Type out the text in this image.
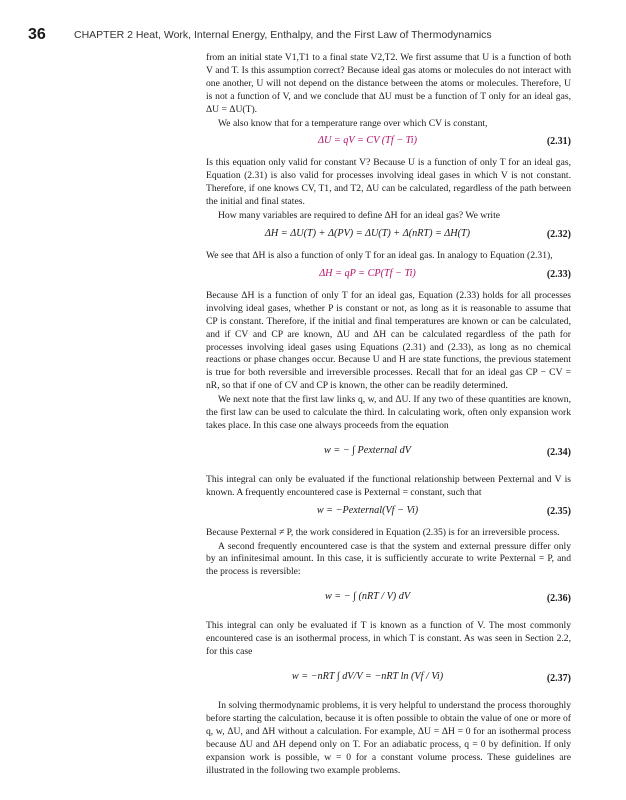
36	CHAPTER 2 Heat, Work, Internal Energy, Enthalpy, and the First Law of Thermodynamics

from an initial state V1,T1 to a final state V2,T2. We first assume that U is a function of both V and T. Is this assumption correct? Because ideal gas atoms or molecules do not interact with one another, U will not depend on the distance between the atoms or molecules. Therefore, U is not a function of V, and we conclude that ΔU must be a function of T only for an ideal gas, ΔU = ΔU(T).

We also know that for a temperature range over which CV is constant,

ΔU = qV = CV (Tf − Ti)	(2.31)

Is this equation only valid for constant V? Because U is a function of only T for an ideal gas, Equation (2.31) is also valid for processes involving ideal gases in which V is not constant. Therefore, if one knows CV, T1, and T2, ΔU can be calculated, regardless of the path between the initial and final states.

How many variables are required to define ΔH for an ideal gas? We write

ΔH = ΔU(T) + Δ(PV) = ΔU(T) + Δ(nRT) = ΔH(T)	(2.32)

We see that ΔH is also a function of only T for an ideal gas. In analogy to Equation (2.31),

ΔH = qP = CP(Tf − Ti)	(2.33)

Because ΔH is a function of only T for an ideal gas, Equation (2.33) holds for all processes involving ideal gases, whether P is constant or not, as long as it is reasonable to assume that CP is constant. Therefore, if the initial and final temperatures are known or can be calculated, and if CV and CP are known, ΔU and ΔH can be calculated regardless of the path for processes involving ideal gases using Equations (2.31) and (2.33), as long as no chemical reactions or phase changes occur. Because U and H are state functions, the previous statement is true for both reversible and irreversible processes. Recall that for an ideal gas CP − CV = nR, so that if one of CV and CP is known, the other can be readily determined.

We next note that the first law links q, w, and ΔU. If any two of these quantities are known, the first law can be used to calculate the third. In calculating work, often only expansion work takes place. In this case one always proceeds from the equation

w = − ∫ Pexternal dV	(2.34)

This integral can only be evaluated if the functional relationship between Pexternal and V is known. A frequently encountered case is Pexternal = constant, such that

w = −Pexternal(Vf − Vi)	(2.35)

Because Pexternal ≠ P, the work considered in Equation (2.35) is for an irreversible process.

A second frequently encountered case is that the system and external pressure differ only by an infinitesimal amount. In this case, it is sufficiently accurate to write Pexternal = P, and the process is reversible:

w = − ∫ (nRT / V) dV	(2.36)

This integral can only be evaluated if T is known as a function of V. The most commonly encountered case is an isothermal process, in which T is constant. As was seen in Section 2.2, for this case

w = −nRT ∫ dV/V = −nRT ln (Vf / Vi)	(2.37)

In solving thermodynamic problems, it is very helpful to understand the process thoroughly before starting the calculation, because it is often possible to obtain the value of one or more of q, w, ΔU, and ΔH without a calculation. For example, ΔU = ΔH = 0 for an isothermal process because ΔU and ΔH depend only on T. For an adiabatic process, q = 0 by definition. If only expansion work is possible, w = 0 for a constant volume process. These guidelines are illustrated in the following two example problems.
